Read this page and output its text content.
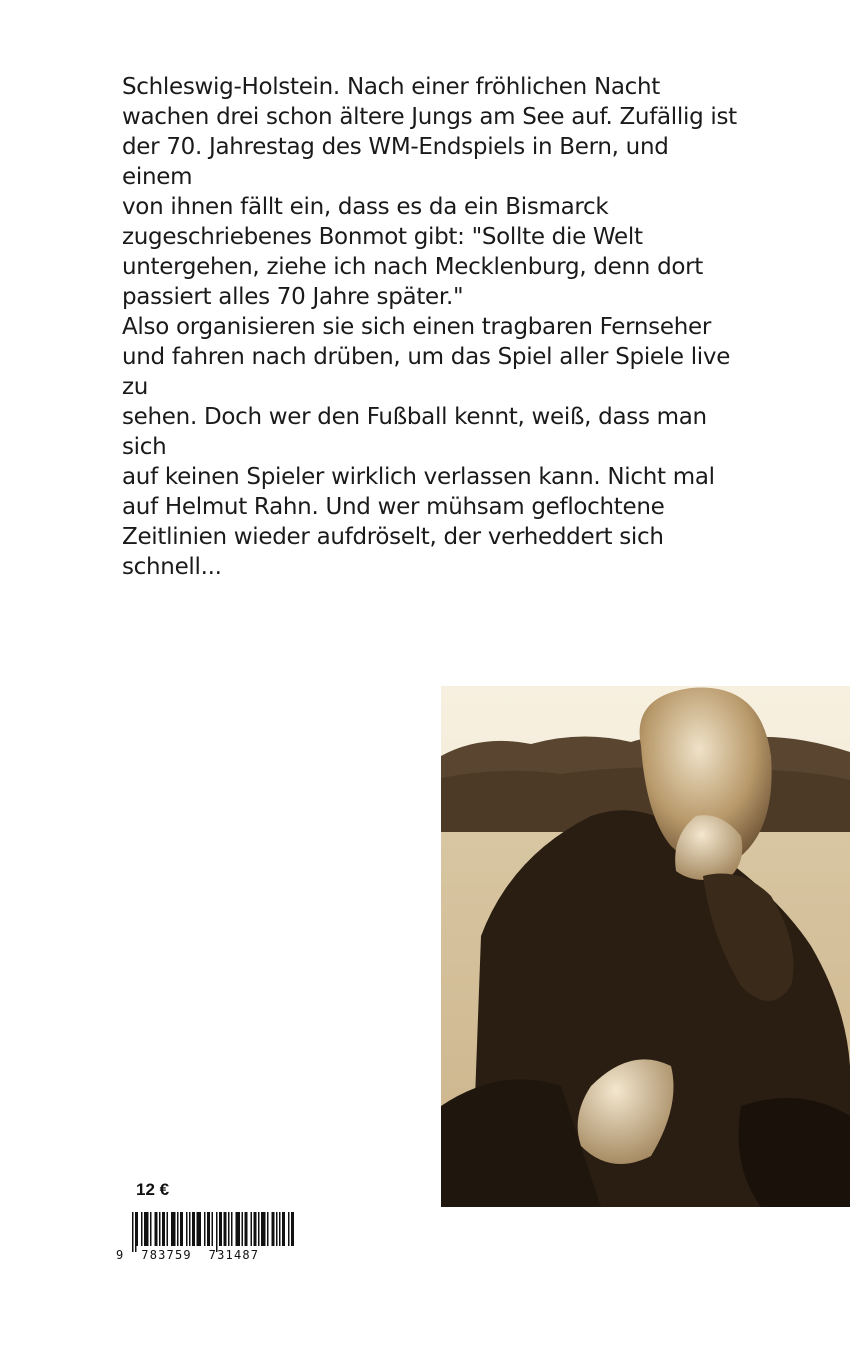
Schleswig-Holstein. Nach einer fröhlichen Nacht
wachen drei schon ältere Jungs am See auf. Zufällig ist
der 70. Jahrestag des WM-Endspiels in Bern, und einem
von ihnen fällt ein, dass es da ein Bismarck
zugeschriebenes Bonmot gibt: "Sollte die Welt
untergehen, ziehe ich nach Mecklenburg, denn dort
passiert alles 70 Jahre später."

Also organisieren sie sich einen tragbaren Fernseher
und fahren nach drüben, um das Spiel aller Spiele live zu
sehen. Doch wer den Fußball kennt, weiß, dass man sich
auf keinen Spieler wirklich verlassen kann. Nicht mal
auf Helmut Rahn. Und wer mühsam geflochtene
Zeitlinien wieder aufdröselt, der verheddert sich
schnell...

12 €
9  783759  731487
